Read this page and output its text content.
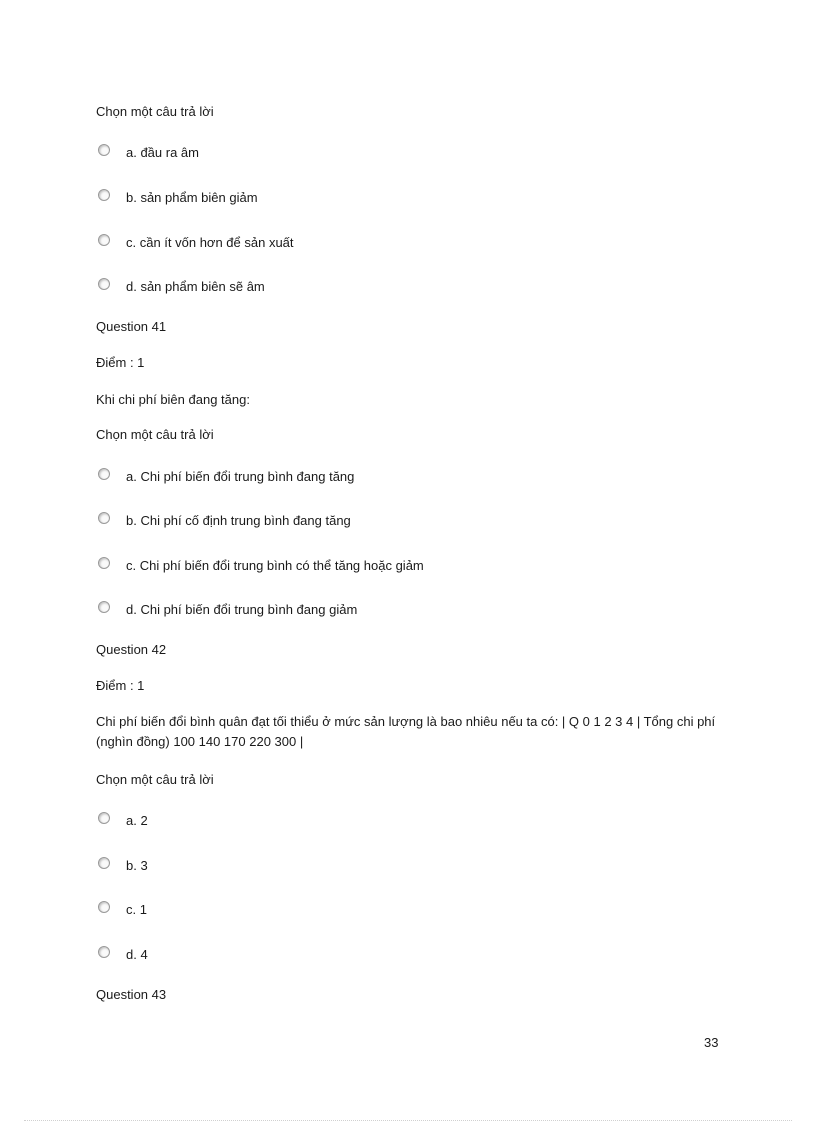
Chọn một câu trả lời
a. đầu ra âm
b. sản phẩm biên giảm
c. cần ít vốn hơn để sản xuất
d. sản phẩm biên sẽ âm
Question 41
Điểm : 1
Khi chi phí biên đang tăng:
Chọn một câu trả lời
a. Chi phí biến đổi trung bình đang tăng
b. Chi phí cố định trung bình đang tăng
c. Chi phí biến đổi trung bình có thể tăng hoặc giảm
d. Chi phí biến đổi trung bình đang giảm
Question 42
Điểm : 1
Chi phí biến đổi bình quân đạt tối thiểu ở mức sản lượng là bao nhiêu nếu ta có: | Q 0 1 2 3 4 | Tổng chi phí (nghìn đồng) 100 140 170 220 300 |
Chọn một câu trả lời
a. 2
b. 3
c. 1
d. 4
Question 43
33
